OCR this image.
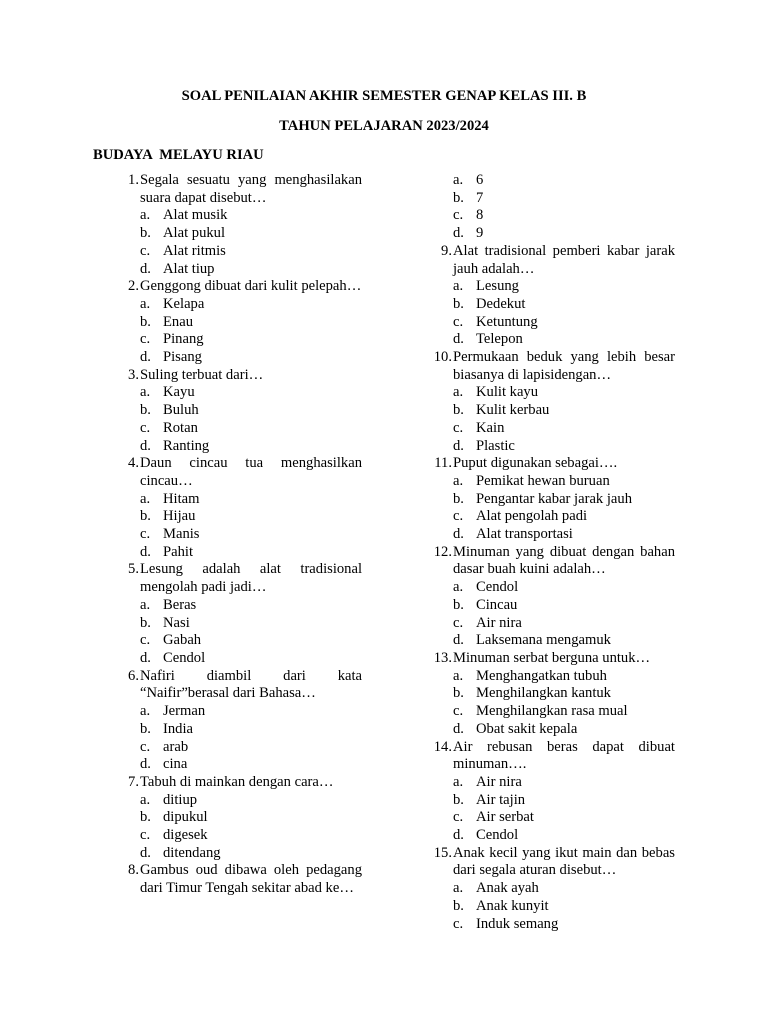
SOAL PENILAIAN AKHIR SEMESTER GENAP KELAS III. B
TAHUN PELAJARAN 2023/2024
BUDAYA  MELAYU RIAU
1. Segala sesuatu yang menghasilakan suara dapat disebut…
a. Alat musik
b. Alat pukul
c. Alat ritmis
d. Alat tiup
2. Genggong dibuat dari kulit pelepah…
a. Kelapa
b. Enau
c. Pinang
d. Pisang
3. Suling terbuat dari…
a. Kayu
b. Buluh
c. Rotan
d. Ranting
4. Daun cincau tua menghasilkan cincau…
a. Hitam
b. Hijau
c. Manis
d. Pahit
5. Lesung adalah alat tradisional mengolah padi jadi…
a. Beras
b. Nasi
c. Gabah
d. Cendol
6. Nafiri diambil dari kata “Naifir”berasal dari Bahasa…
a. Jerman
b. India
c. arab
d. cina
7. Tabuh di mainkan dengan cara…
a. ditiup
b. dipukul
c. digesek
d. ditendang
8. Gambus oud dibawa oleh pedagang dari Timur Tengah sekitar abad ke…
a. 6
b. 7
c. 8
d. 9
9. Alat tradisional pemberi kabar jarak jauh adalah…
a. Lesung
b. Dedekut
c. Ketuntung
d. Telepon
10. Permukaan beduk yang lebih besar biasanya di lapisidengan…
a. Kulit kayu
b. Kulit kerbau
c. Kain
d. Plastic
11. Puput digunakan sebagai….
a. Pemikat hewan buruan
b. Pengantar kabar jarak jauh
c. Alat pengolah padi
d. Alat transportasi
12. Minuman yang dibuat dengan bahan dasar buah kuini adalah…
a. Cendol
b. Cincau
c. Air nira
d. Laksemana mengamuk
13. Minuman serbat berguna untuk…
a. Menghangatkan tubuh
b. Menghilangkan kantuk
c. Menghilangkan rasa mual
d. Obat sakit kepala
14. Air rebusan beras dapat dibuat minuman….
a. Air nira
b. Air tajin
c. Air serbat
d. Cendol
15. Anak kecil yang ikut main dan bebas dari segala aturan disebut…
a. Anak ayah
b. Anak kunyit
c. Induk semang
